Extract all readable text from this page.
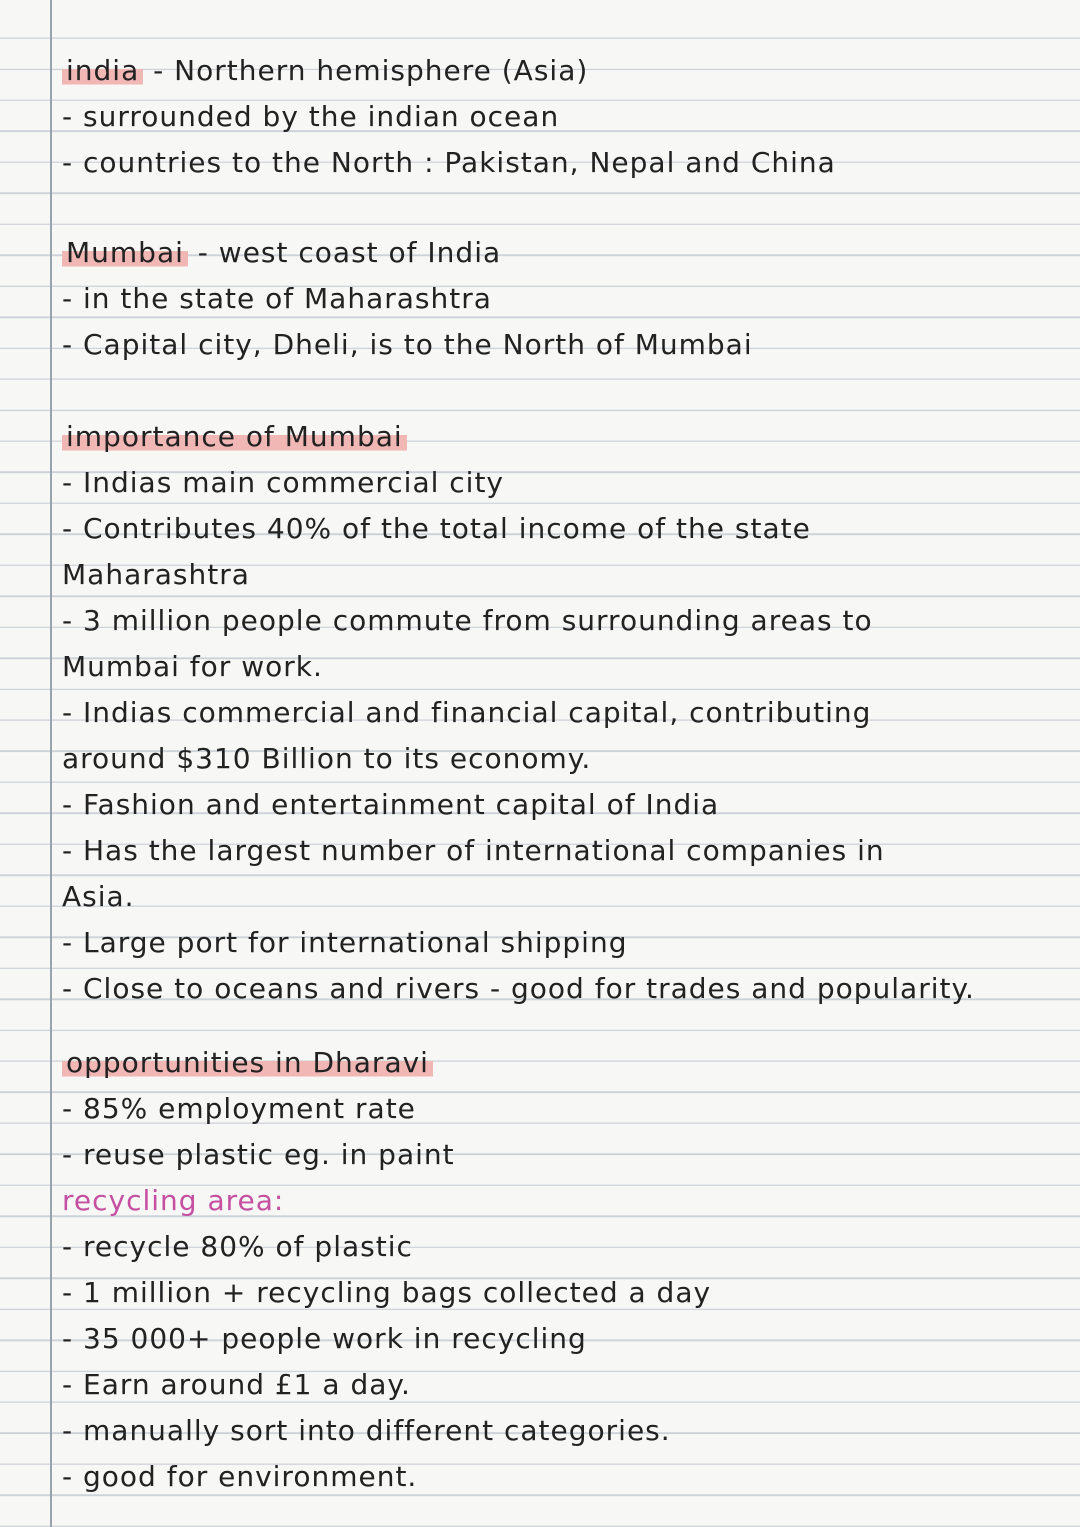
india - Northern hemisphere (Asia)
- surrounded by the indian ocean
- countries to the North : Pakistan, Nepal and China
Mumbai - west coast of India
- in the state of Maharashtra
- Capital city, Dheli, is to the North of Mumbai
importance of Mumbai
- Indias main commercial city
- Contributes 40% of the total income of the state
Maharashtra
- 3 million people commute from surrounding areas to
Mumbai for work.
- Indias commercial and financial capital, contributing
around $310 Billion to its economy.
- Fashion and entertainment capital of India
- Has the largest number of international companies in
Asia.
- Large port for international shipping
- Close to oceans and rivers - good for trades and popularity.
opportunities in Dharavi
- 85% employment rate
- reuse plastic eg. in paint
recycling area:
- recycle 80% of plastic
- 1 million + recycling bags collected a day
- 35 000+ people work in recycling
- Earn around £1 a day.
- manually sort into different categories.
- good for environment.
